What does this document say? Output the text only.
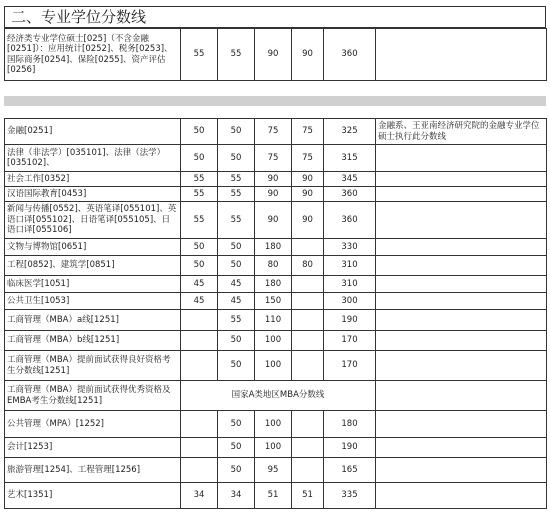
二、专业学位分数线
经济类专业学位硕士[025]（不含金融[0251]）：应用统计[0252]、税务[0253]、国际商务[0254]、保险[0255]、资产评估[0256]	55	55	90	90	360	
金融[0251]	50	50	75	75	325	金融系、王亚南经济研究院的金融专业学位硕士执行此分数线
法律（非法学）[035101]、法律（法学）[035102]、	50	50	75	75	315	
社会工作[0352]	55	55	90	90	345	
汉语国际教育[0453]	55	55	90	90	360	
新闻与传播[0552]、英语笔译[055101]、英语口译[055102]、日语笔译[055105]、日语口译[055106]	55	55	90	90	360	
文物与博物馆[0651]	50	50	180		330	
工程[0852]、建筑学[0851]	50	50	80	80	310	
临床医学[1051]	45	45	180		310	
公共卫生[1053]	45	45	150		300	
工商管理（MBA）a线[1251]		55	110		190	
工商管理（MBA）b线[1251]		50	100		170	
工商管理（MBA）提前面试获得良好资格考生分数线[1251]		50	100		170	
工商管理（MBA）提前面试获得优秀资格及EMBA考生分数线[1251]	国家A类地区MBA分数线					
公共管理（MPA）[1252]		50	100		180	
会计[1253]		50	100		190	
旅游管理[1254]、工程管理[1256]		50	95		165	
艺术[1351]	34	34	51	51	335	
